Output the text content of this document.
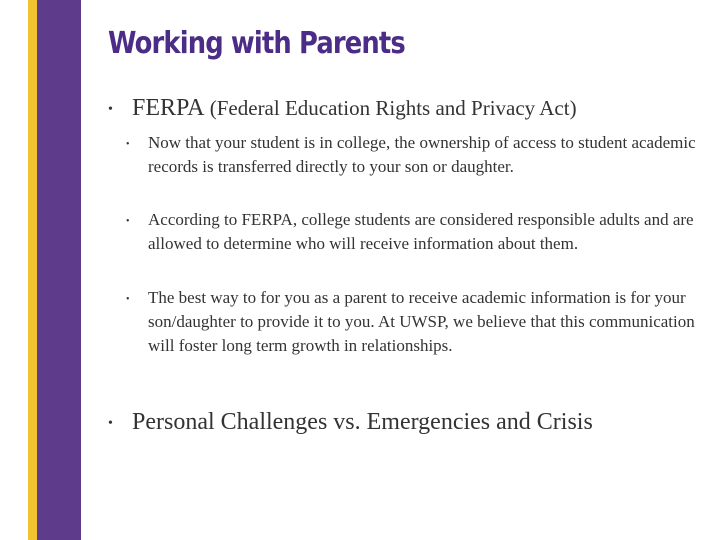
Working with Parents
• FERPA (Federal Education Rights and Privacy Act)
• Now that your student is in college, the ownership of access to student academic records is transferred directly to your son or daughter.
• According to FERPA, college students are considered responsible adults and are allowed to determine who will receive information about them.
• The best way to for you as a parent to receive academic information is for your son/daughter to provide it to you. At UWSP, we believe that this communication will foster long term growth in relationships.
• Personal Challenges vs. Emergencies and Crisis
